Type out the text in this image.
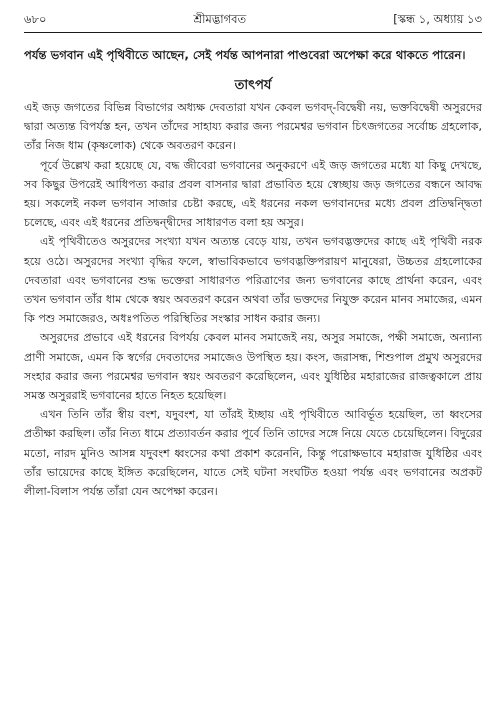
৬৮০	শ্রীমদ্ভাগবত	[স্কন্ধ ১, অধ্যায় ১৩
পর্যন্ত ভগবান এই পৃথিবীতে আছেন, সেই পর্যন্ত আপনারা পাণ্ডবেরা অপেক্ষা করে থাকতে পারেন।
তাৎপর্য

এই জড় জগতের বিভিন্ন বিভাগের অধ্যক্ষ দেবতারা যখন কেবল ভগবদ্‌-বিদ্বেষী নয়, ভক্তবিদ্বেষী অসুরদের দ্বারা অত্যন্ত বিপর্যস্ত হন, তখন তাঁদের সাহায্য করার জন্য পরমেশ্বর ভগবান চিৎজগতের সর্বোচ্চ গ্রহলোক, তাঁর নিজ ধাম (কৃষ্ণলোক) থেকে অবতরণ করেন।

পূর্বে উল্লেখ করা হয়েছে যে, বদ্ধ জীবেরা ভগবানের অনুকরণে এই জড় জগতের মধ্যে যা কিছু দেখছে, সব কিছুর উপরেই আধিপত্য করার প্রবল বাসনার দ্বারা প্রভাবিত হয়ে স্বেচ্ছায় জড় জগতের বন্ধনে আবদ্ধ হয়। সকলেই নকল ভগবান সাজার চেষ্টা করছে, এই ধরনের নকল ভগবানদের মধ্যে প্রবল প্রতিদ্বন্দ্বিতা চলেছে, এবং এই ধরনের প্রতিদ্বন্দ্বীদের সাধারণত বলা হয় অসুর।

এই পৃথিবীতেও অসুরদের সংখ্যা যখন অত্যন্ত বেড়ে যায়, তখন ভগবদ্ভক্তদের কাছে এই পৃথিবী নরক হয়ে ওঠে। অসুরদের সংখ্যা বৃদ্ধির ফলে, স্বাভাবিকভাবে ভগবদ্ভক্তিপরায়ণ মানুষেরা, উচ্চতর গ্রহলোকের দেবতারা এবং ভগবানের শুদ্ধ ভক্তেরা সাধারণত পরিত্রাণের জন্য ভগবানের কাছে প্রার্থনা করেন, এবং তখন ভগবান তাঁর ধাম থেকে স্বয়ং অবতরণ করেন অথবা তাঁর ভক্তদের নিযুক্ত করেন মানব সমাজের, এমন কি পশু সমাজেরও, অধঃপতিত পরিস্থিতির সংস্কার সাধন করার জন্য।

অসুরদের প্রভাবে এই ধরনের বিপর্যয় কেবল মানব সমাজেই নয়, অসুর সমাজে, পক্ষী সমাজে, অন্যান্য প্রাণী সমাজে, এমন কি স্বর্গের দেবতাদের সমাজেও উপস্থিত হয়। কংস, জরাসন্ধ, শিশুপাল প্রমুখ অসুরদের সংহার করার জন্য পরমেশ্বর ভগবান স্বয়ং অবতরণ করেছিলেন, এবং যুধিষ্ঠির মহারাজের রাজত্বকালে প্রায় সমস্ত অসুররাই ভগবানের হাতে নিহত হয়েছিল।

এখন তিনি তাঁর স্বীয় বংশ, যদুবংশ, যা তাঁরই ইচ্ছায় এই পৃথিবীতে আবির্ভূত হয়েছিল, তা ধ্বংসের প্রতীক্ষা করছিল। তাঁর নিত্য ধামে প্রত্যাবর্তন করার পূর্বে তিনি তাদের সঙ্গে নিয়ে যেতে চেয়েছিলেন। বিদুরের মতো, নারদ মুনিও আসন্ন যদুবংশ ধ্বংসের কথা প্রকাশ করেননি, কিন্তু পরোক্ষভাবে মহারাজ যুধিষ্ঠির এবং তাঁর ভায়েদের কাছে ইঙ্গিত করেছিলেন, যাতে সেই ঘটনা সংঘটিত হওয়া পর্যন্ত এবং ভগবানের অপ্রকট লীলা-বিলাস পর্যন্ত তাঁরা যেন অপেক্ষা করেন।
